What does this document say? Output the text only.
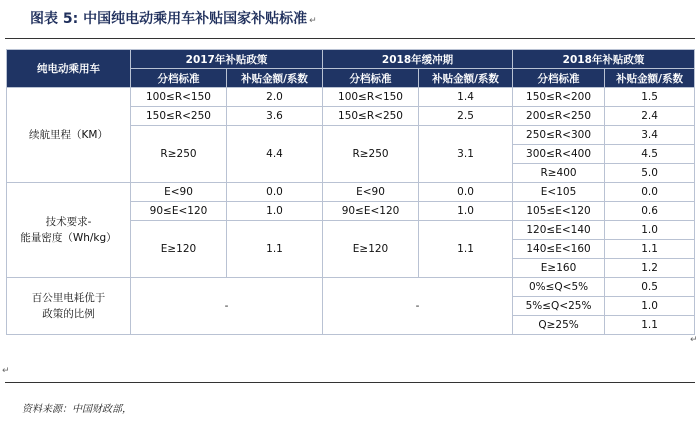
图表 5: 中国纯电动乘用车补贴国家补贴标准 ↵
纯电动乘用车	2017年补贴政策		2018年缓冲期		2018年补贴政策	
	分档标准	补贴金额/系数	分档标准	补贴金额/系数	分档标准	补贴金额/系数
续航里程（KM）	100≤R<150	2.0	100≤R<150	1.4	150≤R<200	1.5
	150≤R<250	3.6	150≤R<250	2.5	200≤R<250	2.4
	R≥250	4.4	R≥250	3.1	250≤R<300	3.4
					300≤R<400	4.5
					R≥400	5.0
技术要求-
能量密度（Wh/kg）	E<90	0.0	E<90	0.0	E<105	0.0
	90≤E<120	1.0	90≤E<120	1.0	105≤E<120	0.6
	E≥120	1.1	E≥120	1.1	120≤E<140	1.0
					140≤E<160	1.1
					E≥160	1.2
百公里电耗优于
政策的比例	-		-		0%≤Q<5%	0.5
					5%≤Q<25%	1.0
					Q≥25%	1.1
↵
↵
资料来源：中国财政部，
